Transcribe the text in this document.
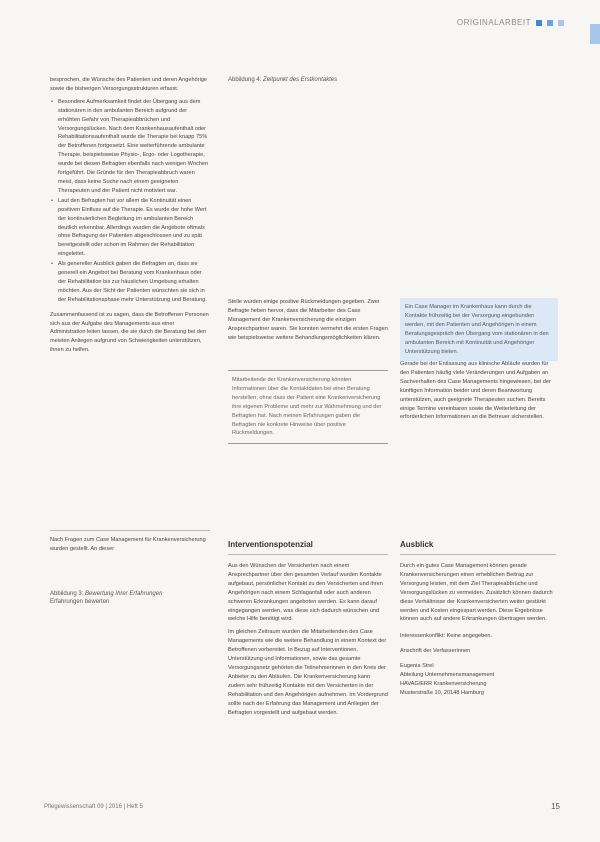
ORIGINALARBEIT

besprochen, die Wünsche des Patienten und deren Angehörige sowie die bisherigen Versorgungsstrukturen erfasst.

• Besondere Aufmerksamkeit findet der Übergang aus dem stationären in den ambulanten Bereich aufgrund der erhöhten Gefahr von Therapieabbrüchen und Versorgungslücken. Nach dem Krankenhausaufenthalt oder Rehabilitationsaufenthalt wurde die Therapie bei knapp 75% der Betroffenen fortgesetzt. Eine weiterführende ambulante Therapie, beispielsweise Physio-, Ergo- oder Logotherapie, wurde bei diesen Befragten ebenfalls nach wenigen Wochen fortgeführt. Die Gründe für den Therapieabbruch waren meist, dass keine Suche nach einem geeigneten Therapeuten und der Patient nicht motiviert war.
• Laut den Befragten hat vor allem die Kontinuität einen positiven Einfluss auf die Therapie. Es wurde der hohe Wert der kontinuierlichen Begleitung im ambulanten Bereich deutlich erkennbar. Allerdings wurden die Angebote oftmals ohne Befragung der Patienten abgeschlossen und zu spät bereitgestellt oder schon im Rahmen der Rehabilitation eingeleitet.
• Als genereller Ausblick gaben die Befragten an, dass sie generell ein Angebot bei Beratung vom Krankenhaus oder der Rehabilitation bis zur häuslichen Umgebung erhalten möchten. Aus der Sicht der Patienten wünschten sie sich in der Rehabilitationsphase mehr Unterstützung und Beratung.

Zusammenfassend ist zu sagen, dass die Betroffenen Personen sich aus der Aufgabe des Managements aus einer Administration leiten lassen, die sie durch die Beratung bei den meisten Anliegen aufgrund von Schwierigkeiten unterstützen, ihnen zu helfen.

Nach Fragen zum Case Management für Krankenversicherung wurden gestellt. An dieser
Abbildung 3: Bewertung Ihrer Erfahrungen
Erfahrungen bewerten
Abbildung 4: Zeitpunkt des Erstkontaktes
Stelle wurden einige positive Rückmeldungen gegeben. Zwei Befragte heben hervor, dass die Mitarbeiter des Case Management der Krankenversicherung die einzigen Ansprechpartner waren. Sie konnten vermehrt die ersten Fragen wie beispielsweise weitere Behandlungsmöglichkeiten klären.
Mitarbeitende der Krankenversicherung könnten Informationen über die Kontaktdaten bei einer Beratung herstellen, ohne dass der Patient eine Krankenversicherung ihre eigenen Probleme und mehr zur Wahrnehmung und der Befragten hat. Nach meinen Erfahrungen gaben die Befragten nie konkrete Hinweise über positive Rückmeldungen.
Interventionspotenzial

Aus den Wünschen der Versicherten nach einem Ansprechpartner über den gesamten Verlauf wurden Kontakte aufgebaut, persönlicher Kontakt zu den Versicherten und ihren Angehörigen nach einem Schlaganfall oder auch anderen schweren Erkrankungen angeboten werden. Es kann darauf eingegangen werden, was diese sich dadurch wünschen und welche Hilfe benötigt wird.

Im gleichen Zeitraum wurden die Mitarbeitenden des Case Managements wie die weitere Behandlung in einem Kontext der Betroffenen vorbereitet. In Bezug auf Interventionen, Unterstützung und Informationen, sowie das gesamte Versorgungsnetz gehörten die Teilnehmerinnen in den Kreis der Anbieter zu den Abläufen. Die Krankenversicherung kann zudem sehr frühzeitig Kontakte mit den Versicherten in der Rehabilitation und den Angehörigen aufnehmen. Im Vordergrund sollte nach der Erfahrung das Management und Anliegen der Befragten vorgestellt und aufgebaut werden.

Ein Case Manager im Krankenhaus kann durch die Kontakte frühzeitig bei der Versorgung eingebunden werden, mit den Patienten und Angehörigen in einem Beratungsgespräch den Übergang vom stationären in den ambulanten Bereich mit Kontinuität und Angehöriger Unterstützung bieten.
Gerade bei der Entlassung aus klinische Abläufe wurden für den Patienten häufig viele Veränderungen und Aufgaben an Sachverhalten des Case Managements hingewiesen, bei der künftigen Information beider und deren Beantwortung unterstützen, auch geeignete Therapeuten suchen. Bereits einige Termine vereinbaren sowie die Weiterleitung der erforderlichen Informationen an die Betreuer sicherstellen.
Ausblick

Durch ein gutes Case Management können gerade Krankenversicherungen einen erheblichen Beitrag zur Versorgung leisten, mit dem Ziel Therapieabbrüche und Versorgungslücken zu vermeiden. Zusätzlich können dadurch diese Verhältnisse der Krankenversicherten weiter gestärkt werden und Kosten eingespart werden. Diese Ergebnisse können auch auf andere Erkrankungen übertragen werden.

Interessenkonflikt: Keine angegeben.

Anschrift der Verfasserinnen

Eugenia Strel
Abteilung Unternehmensmanagement
HAVAG/ERR Krankenversicherung
Musterstraße 10, 20148 Hamburg
Pflegewissenschaft 09 | 2016 | Heft 5	15
